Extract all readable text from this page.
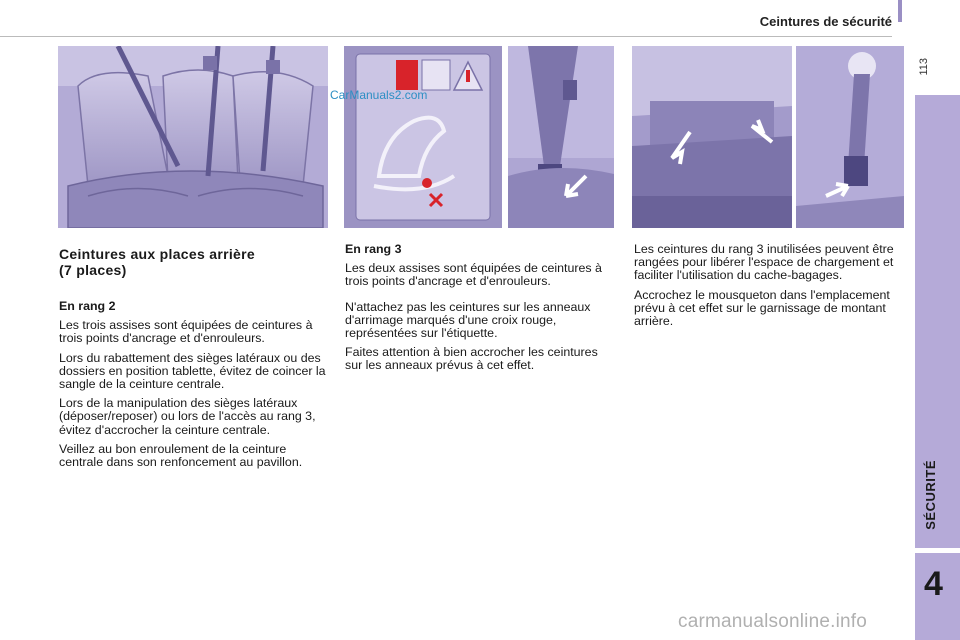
Ceintures de sécurité
113
SÉCURITÉ
4
CarManuals2.com
Ceintures aux places arrière
(7 places)

En rang 2

Les trois assises sont équipées de ceintures à trois points d'ancrage et d'enrouleurs.

Lors du rabattement des sièges latéraux ou des dossiers en position tablette, évitez de coincer la sangle de la ceinture centrale.

Lors de la manipulation des sièges latéraux (déposer/reposer) ou lors de l'accès au rang 3, évitez d'accrocher la ceinture centrale.

Veillez au bon enroulement de la ceinture centrale dans son renfoncement au pavillon.

En rang 3

Les deux assises sont équipées de ceintures à trois points d'ancrage et d'enrouleurs.

N'attachez pas les ceintures sur les anneaux d'arrimage marqués d'une croix rouge, représentées sur l'étiquette.

Faites attention à bien accrocher les ceintures sur les anneaux prévus à cet effet.

Les ceintures du rang 3 inutilisées peuvent être rangées pour libérer l'espace de chargement et faciliter l'utilisation du cache-bagages.

Accrochez le mousqueton dans l'emplacement prévu à cet effet sur le garnissage de montant arrière.

carmanualsonline.info
